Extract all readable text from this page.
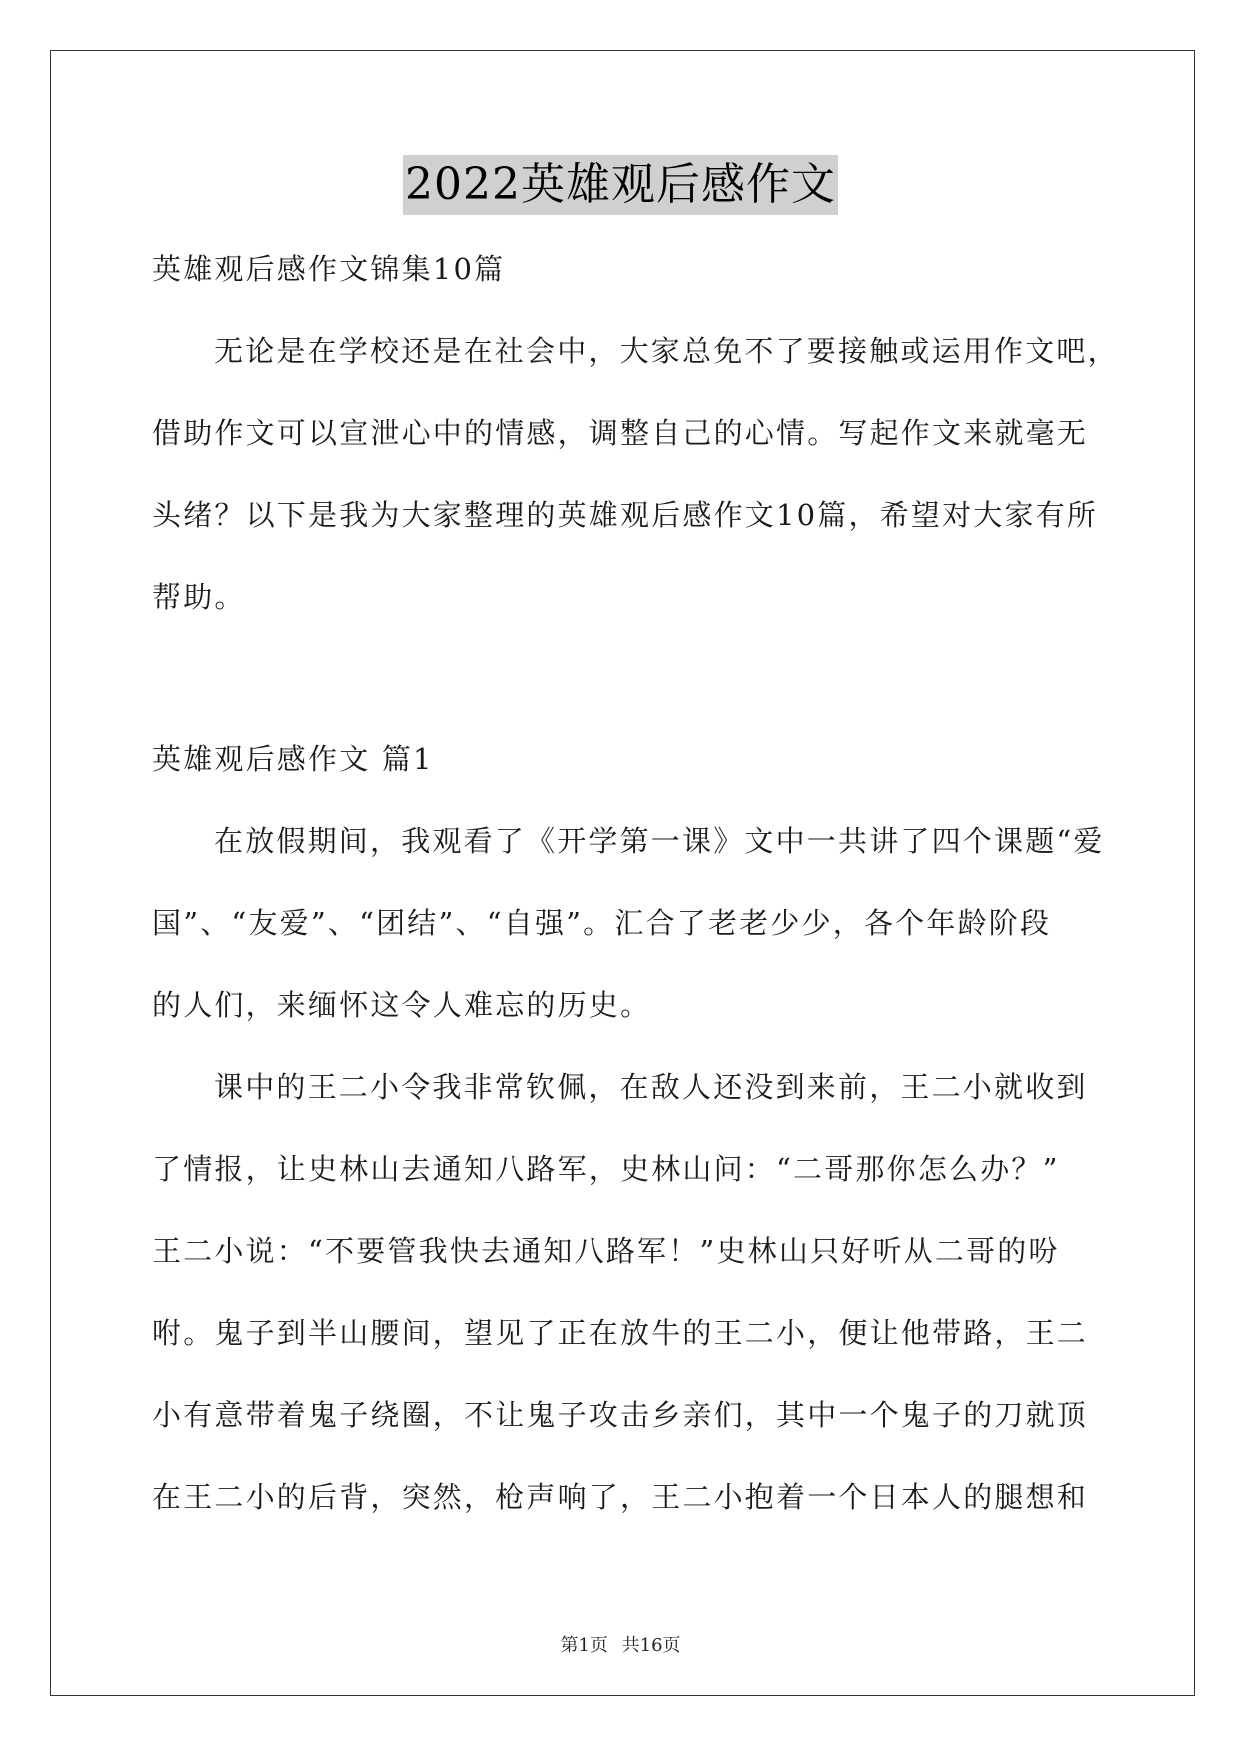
2022英雄观后感作文
英雄观后感作文锦集10篇
无论是在学校还是在社会中，大家总免不了要接触或运用作文吧，
借助作文可以宣泄心中的情感，调整自己的心情。写起作文来就毫无
头绪？以下是我为大家整理的英雄观后感作文10篇，希望对大家有所
帮助。
英雄观后感作文 篇1
在放假期间，我观看了《开学第一课》文中一共讲了四个课题“爱
国”、“友爱”、“团结”、“自强”。汇合了老老少少，各个年龄阶段
的人们，来缅怀这令人难忘的历史。
课中的王二小令我非常钦佩，在敌人还没到来前，王二小就收到
了情报，让史林山去通知八路军，史林山问：“二哥那你怎么办？”
王二小说：“不要管我快去通知八路军！”史林山只好听从二哥的吩
咐。鬼子到半山腰间，望见了正在放牛的王二小，便让他带路，王二
小有意带着鬼子绕圈，不让鬼子攻击乡亲们，其中一个鬼子的刀就顶
在王二小的后背，突然，枪声响了，王二小抱着一个日本人的腿想和
第1页 共16页
